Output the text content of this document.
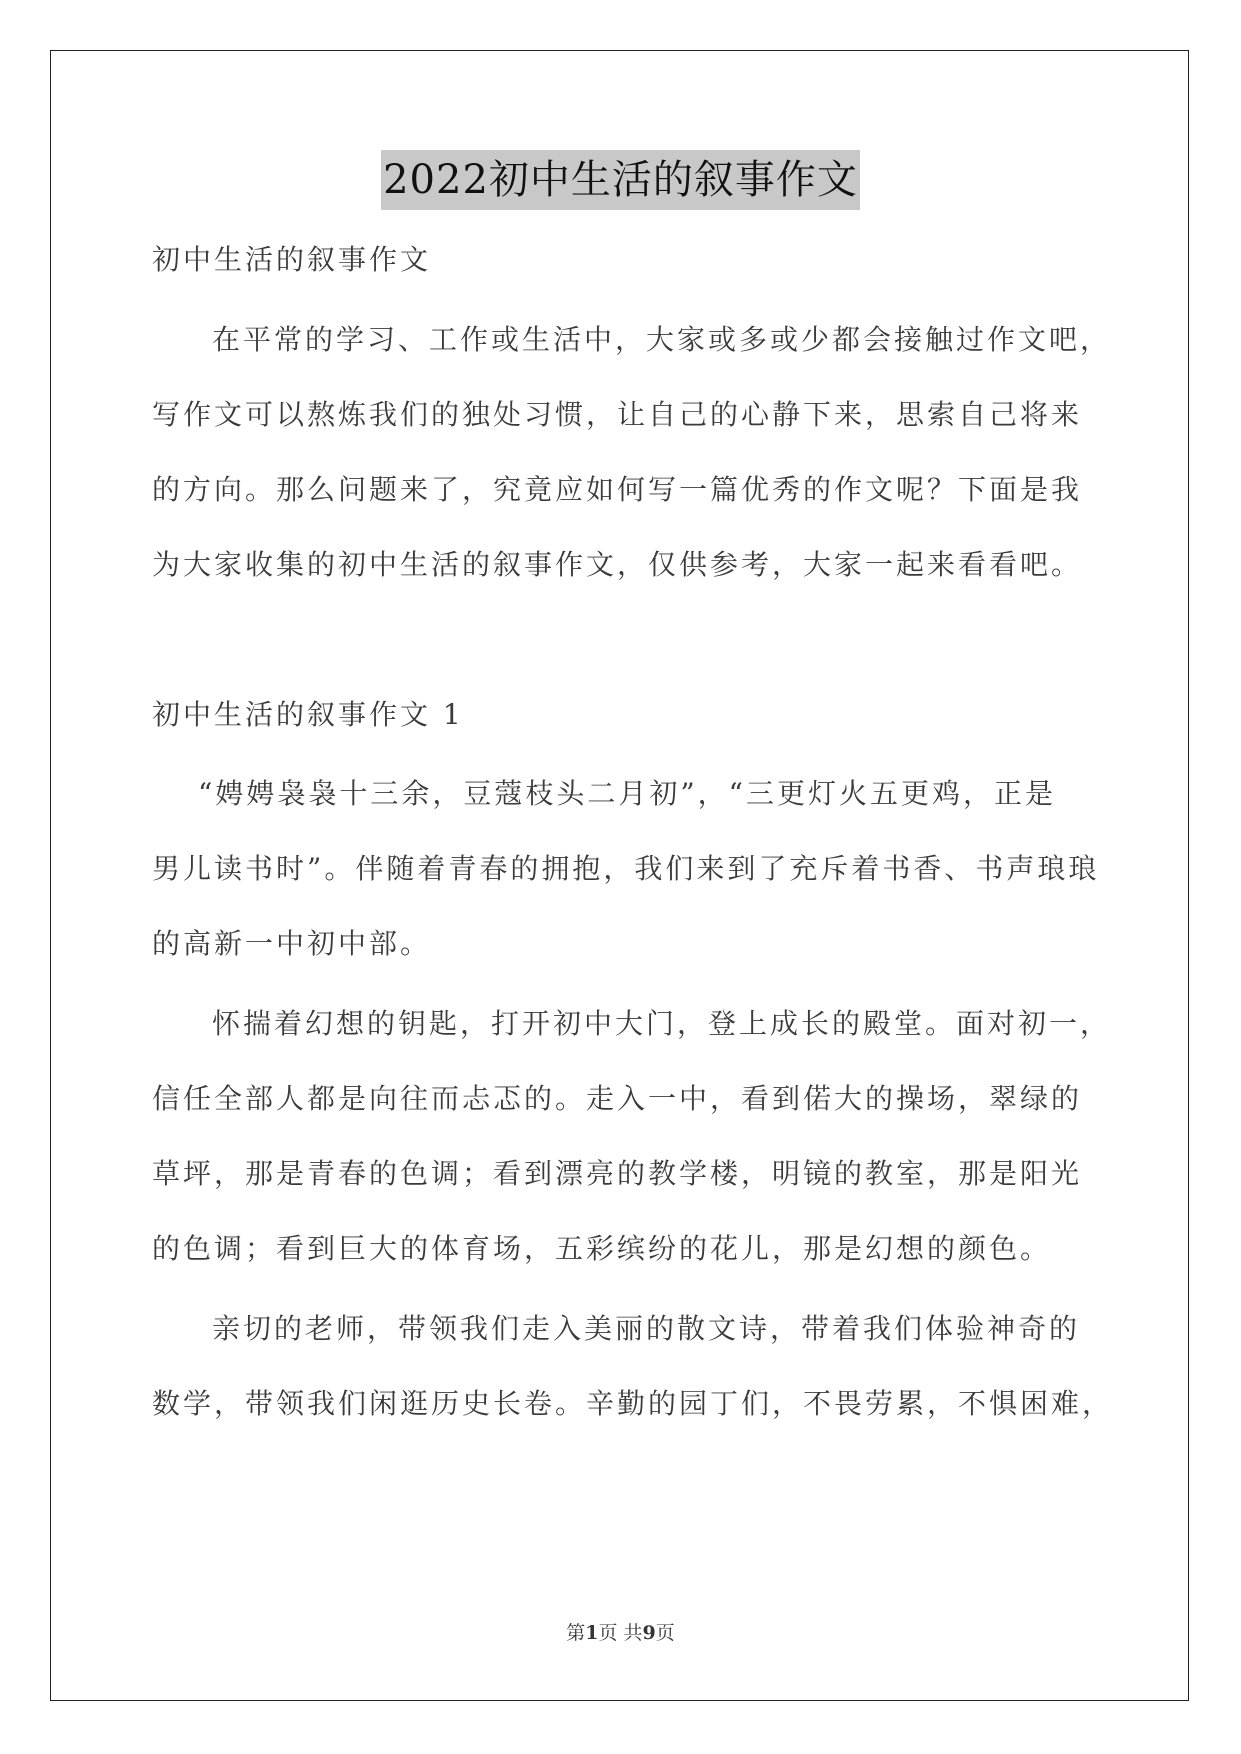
2022初中生活的叙事作文
初中生活的叙事作文
在平常的学习、工作或生活中，大家或多或少都会接触过作文吧，
写作文可以熬炼我们的独处习惯，让自己的心静下来，思索自己将来
的方向。那么问题来了，究竟应如何写一篇优秀的作文呢？下面是我
为大家收集的初中生活的叙事作文，仅供参考，大家一起来看看吧。
初中生活的叙事作文 1
“娉娉袅袅十三余，豆蔻枝头二月初”，“三更灯火五更鸡，正是
男儿读书时”。伴随着青春的拥抱，我们来到了充斥着书香、书声琅琅
的高新一中初中部。
怀揣着幻想的钥匙，打开初中大门，登上成长的殿堂。面对初一，
信任全部人都是向往而忐忑的。走入一中，看到偌大的操场，翠绿的
草坪，那是青春的色调；看到漂亮的教学楼，明镜的教室，那是阳光
的色调；看到巨大的体育场，五彩缤纷的花儿，那是幻想的颜色。
亲切的老师，带领我们走入美丽的散文诗，带着我们体验神奇的
数学，带领我们闲逛历史长卷。辛勤的园丁们，不畏劳累，不惧困难，
第1页 共9页
